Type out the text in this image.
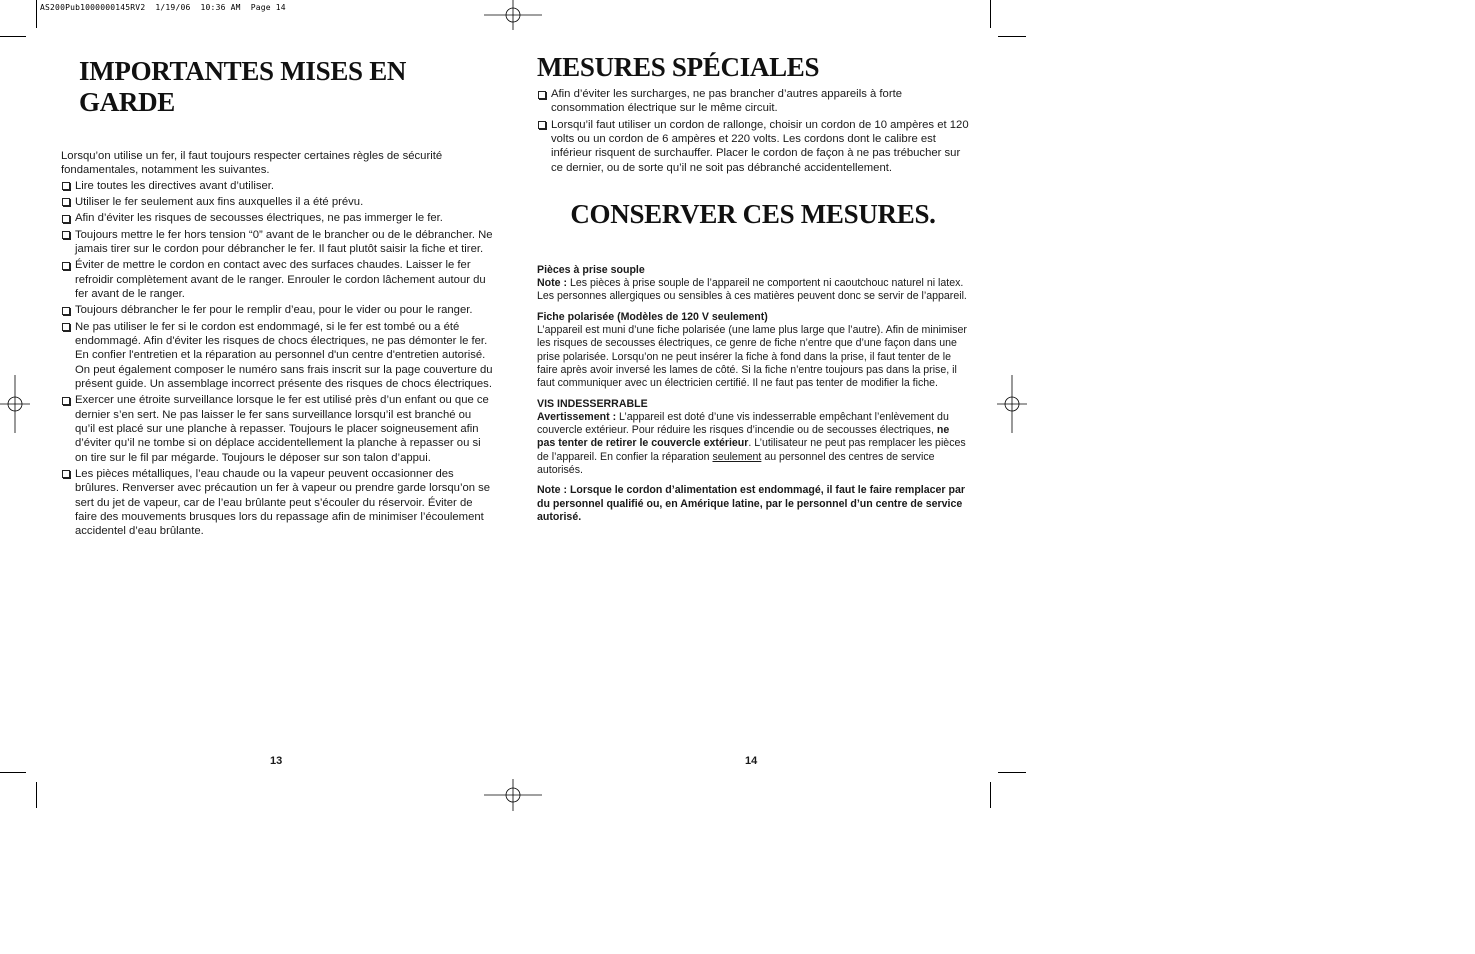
AS200Pub1000000145RV2  1/19/06  10:36 AM  Page 14
IMPORTANTES MISES EN GARDE

Lorsqu’on utilise un fer, il faut toujours respecter certaines règles de sécurité fondamentales, notamment les suivantes.

Lire toutes les directives avant d’utiliser.
Utiliser le fer seulement aux fins auxquelles il a été prévu.
Afin d’éviter les risques de secousses électriques, ne pas immerger le fer.
Toujours mettre le fer hors tension “0” avant de le brancher ou de le débrancher. Ne jamais tirer sur le cordon pour débrancher le fer. Il faut plutôt saisir la fiche et tirer.
Éviter de mettre le cordon en contact avec des surfaces chaudes. Laisser le fer refroidir complètement avant de le ranger. Enrouler le cordon lâchement autour du fer avant de le ranger.
Toujours débrancher le fer pour le remplir d’eau, pour le vider ou pour le ranger.
Ne pas utiliser le fer si le cordon est endommagé, si le fer est tombé ou a été endommagé. Afin d'éviter les risques de chocs électriques, ne pas démonter le fer. En confier l'entretien et la réparation au personnel d'un centre d'entretien autorisé. On peut également composer le numéro sans frais inscrit sur la page couverture du présent guide. Un assemblage incorrect présente des risques de chocs électriques.
Exercer une étroite surveillance lorsque le fer est utilisé près d’un enfant ou que ce dernier s’en sert. Ne pas laisser le fer sans surveillance lorsqu’il est branché ou qu’il est placé sur une planche à repasser. Toujours le placer soigneusement afin d’éviter qu’il ne tombe si on déplace accidentellement la planche à repasser ou si on tire sur le fil par mégarde. Toujours le déposer sur son talon d’appui.
Les pièces métalliques, l’eau chaude ou la vapeur peuvent occasionner des brûlures. Renverser avec précaution un fer à vapeur ou prendre garde lorsqu’on se sert du jet de vapeur, car de l’eau brûlante peut s’écouler du réservoir. Éviter de faire des mouvements brusques lors du repassage afin de minimiser l’écoulement accidentel d’eau brûlante.
13
MESURES SPÉCIALES
Afin d’éviter les surcharges, ne pas brancher d’autres appareils à forte consommation électrique sur le même circuit.
Lorsqu’il faut utiliser un cordon de rallonge, choisir un cordon de 10 ampères et 120 volts ou un cordon de 6 ampères et 220 volts. Les cordons dont le calibre est inférieur risquent de surchauffer. Placer le cordon de façon à ne pas trébucher sur ce dernier, ou de sorte qu’il ne soit pas débranché accidentellement.
CONSERVER CES MESURES.

Pièces à prise souple
Note : Les pièces à prise souple de l’appareil ne comportent ni caoutchouc naturel ni latex. Les personnes allergiques ou sensibles à ces matières peuvent donc se servir de l’appareil.

Fiche polarisée (Modèles de 120 V seulement)
L’appareil est muni d’une fiche polarisée (une lame plus large que l’autre). Afin de minimiser les risques de secousses électriques, ce genre de fiche n’entre que d’une façon dans une prise polarisée. Lorsqu’on ne peut insérer la fiche à fond dans la prise, il faut tenter de le faire après avoir inversé les lames de côté. Si la fiche n’entre toujours pas dans la prise, il faut communiquer avec un électricien certifié. Il ne faut pas tenter de modifier la fiche.

VIS INDESSERRABLE
Avertissement : L’appareil est doté d’une vis indesserrable empêchant l’enlèvement du couvercle extérieur. Pour réduire les risques d’incendie ou de secousses électriques, ne pas tenter de retirer le couvercle extérieur. L’utilisateur ne peut pas remplacer les pièces de l’appareil. En confier la réparation seulement au personnel des centres de service autorisés.

Note : Lorsque le cordon d’alimentation est endommagé, il faut le faire remplacer par du personnel qualifié ou, en Amérique latine, par le personnel d’un centre de service autorisé.

14
